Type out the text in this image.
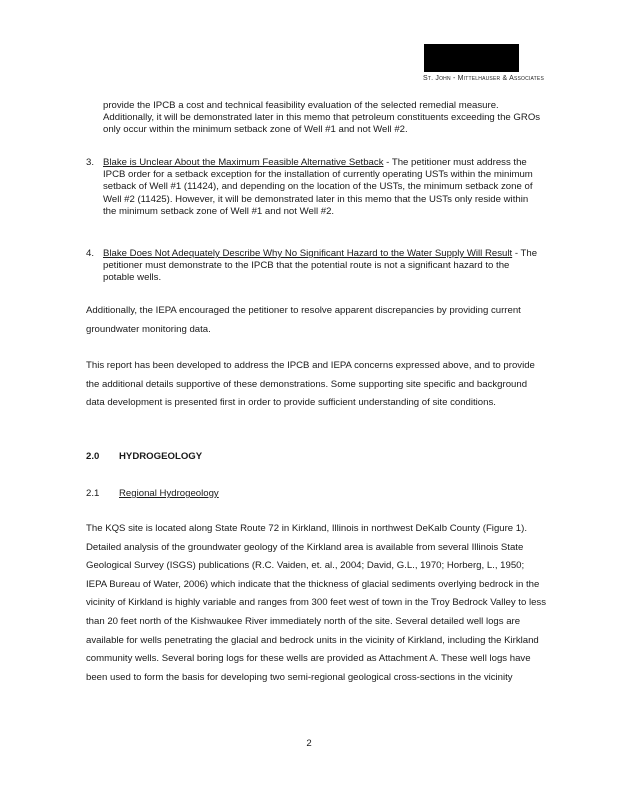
St. John - Mittelhauser & Associates
provide the IPCB a cost and technical feasibility evaluation of the selected remedial measure. Additionally, it will be demonstrated later in this memo that petroleum constituents exceeding the GROs only occur within the minimum setback zone of Well #1 and not Well #2.
3. Blake is Unclear About the Maximum Feasible Alternative Setback - The petitioner must address the IPCB order for a setback exception for the installation of currently operating USTs within the minimum setback of Well #1 (11424), and depending on the location of the USTs, the minimum setback zone of Well #2 (11425). However, it will be demonstrated later in this memo that the USTs only reside within the minimum setback zone of Well #1 and not Well #2.
4. Blake Does Not Adequately Describe Why No Significant Hazard to the Water Supply Will Result - The petitioner must demonstrate to the IPCB that the potential route is not a significant hazard to the potable wells.
Additionally, the IEPA encouraged the petitioner to resolve apparent discrepancies by providing current groundwater monitoring data.
This report has been developed to address the IPCB and IEPA concerns expressed above, and to provide the additional details supportive of these demonstrations. Some supporting site specific and background data development is presented first in order to provide sufficient understanding of site conditions.
2.0 HYDROGEOLOGY
2.1 Regional Hydrogeology
The KQS site is located along State Route 72 in Kirkland, Illinois in northwest DeKalb County (Figure 1). Detailed analysis of the groundwater geology of the Kirkland area is available from several Illinois State Geological Survey (ISGS) publications (R.C. Vaiden, et. al., 2004; David, G.L., 1970; Horberg, L., 1950; IEPA Bureau of Water, 2006) which indicate that the thickness of glacial sediments overlying bedrock in the vicinity of Kirkland is highly variable and ranges from 300 feet west of town in the Troy Bedrock Valley to less than 20 feet north of the Kishwaukee River immediately north of the site. Several detailed well logs are available for wells penetrating the glacial and bedrock units in the vicinity of Kirkland, including the Kirkland community wells. Several boring logs for these wells are provided as Attachment A. These well logs have been used to form the basis for developing two semi-regional geological cross-sections in the vicinity
2
